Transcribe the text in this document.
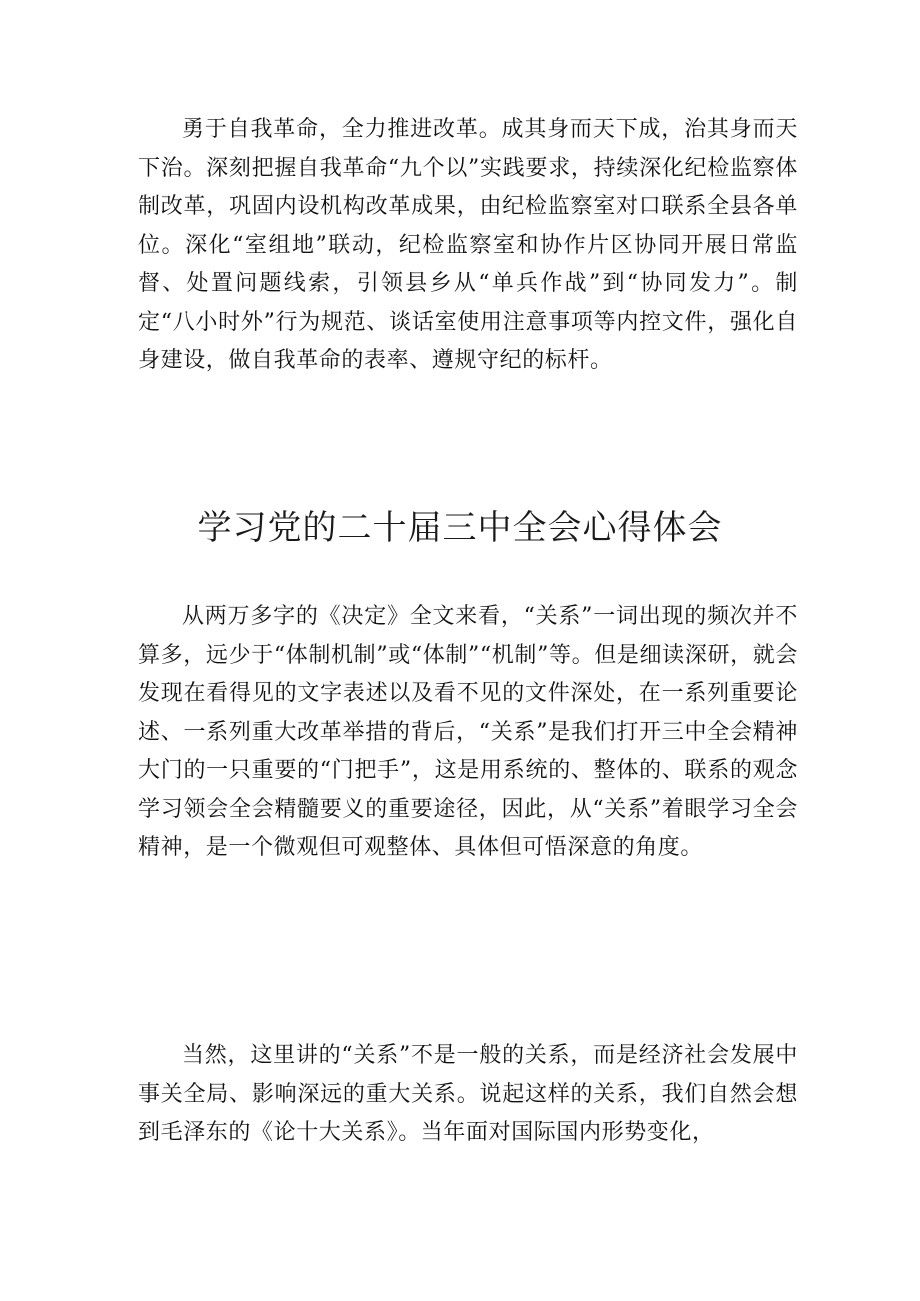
勇于自我革命，全力推进改革。成其身而天下成，治其身而天下治。深刻把握自我革命“九个以”实践要求，持续深化纪检监察体制改革，巩固内设机构改革成果，由纪检监察室对口联系全县各单位。深化“室组地”联动，纪检监察室和协作片区协同开展日常监督、处置问题线索，引领县乡从“单兵作战”到“协同发力”。制定“八小时外”行为规范、谈话室使用注意事项等内控文件，强化自身建设，做自我革命的表率、遵规守纪的标杆。

学习党的二十届三中全会心得体会

从两万多字的《决定》全文来看，“关系”一词出现的频次并不算多，远少于“体制机制”或“体制”“机制”等。但是细读深研，就会发现在看得见的文字表述以及看不见的文件深处，在一系列重要论述、一系列重大改革举措的背后，“关系”是我们打开三中全会精神大门的一只重要的“门把手”，这是用系统的、整体的、联系的观念学习领会全会精髓要义的重要途径，因此，从“关系”着眼学习全会精神，是一个微观但可观整体、具体但可悟深意的角度。

当然，这里讲的“关系”不是一般的关系，而是经济社会发展中事关全局、影响深远的重大关系。说起这样的关系，我们自然会想到毛泽东的《论十大关系》。当年面对国际国内形势变化，
